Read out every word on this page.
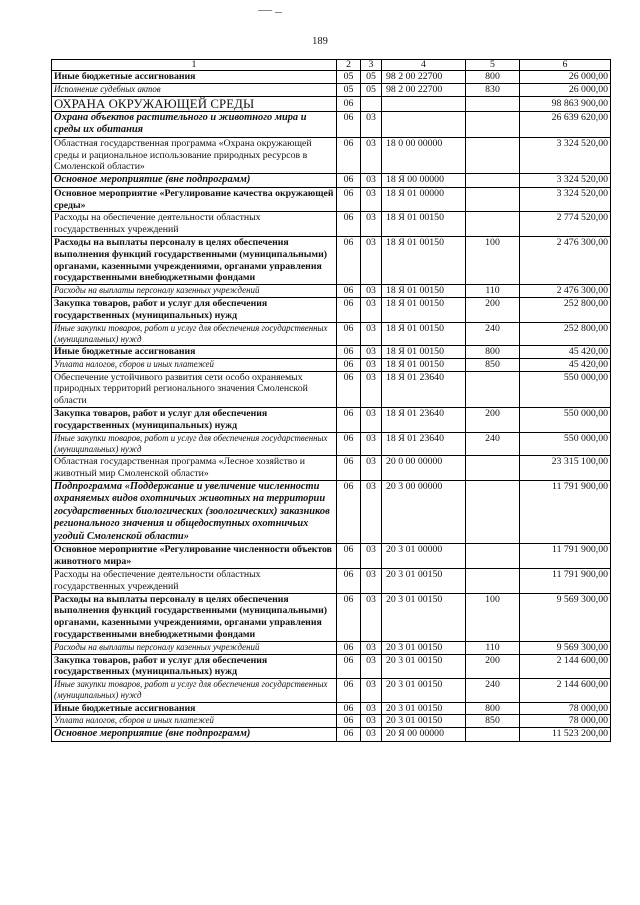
189
1	2	3	4	5	6
Иные бюджетные ассигнования	05	05	98 2 00 22700	800	26 000,00
Исполнение судебных актов	05	05	98 2 00 22700	830	26 000,00
ОХРАНА ОКРУЖАЮЩЕЙ СРЕДЫ	06				98 863 900,00
Охрана объектов растительного и животного мира и среды их обитания	06	03			26 639 620,00
Областная государственная программа «Охрана окружающей среды и рациональное использование природных ресурсов в Смоленской области»	06	03	18 0 00 00000		3 324 520,00
Основное мероприятие (вне подпрограмм)	06	03	18 Я 00 00000		3 324 520,00
Основное мероприятие «Регулирование качества окружающей среды»	06	03	18 Я 01 00000		3 324 520,00
Расходы на обеспечение деятельности областных государственных учреждений	06	03	18 Я 01 00150		2 774 520,00
Расходы на выплаты персоналу в целях обеспечения выполнения функций государственными (муниципальными) органами, казенными учреждениями, органами управления государственными внебюджетными фондами	06	03	18 Я 01 00150	100	2 476 300,00
Расходы на выплаты персоналу казенных учреждений	06	03	18 Я 01 00150	110	2 476 300,00
Закупка товаров, работ и услуг для обеспечения государственных (муниципальных) нужд	06	03	18 Я 01 00150	200	252 800,00
Иные закупки товаров, работ и услуг для обеспечения государственных (муниципальных) нужд	06	03	18 Я 01 00150	240	252 800,00
Иные бюджетные ассигнования	06	03	18 Я 01 00150	800	45 420,00
Уплата налогов, сборов и иных платежей	06	03	18 Я 01 00150	850	45 420,00
Обеспечение устойчивого развития сети особо охраняемых природных территорий регионального значения Смоленской области	06	03	18 Я 01 23640		550 000,00
Закупка товаров, работ и услуг для обеспечения государственных (муниципальных) нужд	06	03	18 Я 01 23640	200	550 000,00
Иные закупки товаров, работ и услуг для обеспечения государственных (муниципальных) нужд	06	03	18 Я 01 23640	240	550 000,00
Областная государственная программа «Лесное хозяйство и животный мир Смоленской области»	06	03	20 0 00 00000		23 315 100,00
Подпрограмма «Поддержание и увеличение численности охраняемых видов охотничьих животных на территории государственных биологических (зоологических) заказников регионального значения и общедоступных охотничьих угодий Смоленской области»	06	03	20 3 00 00000		11 791 900,00
Основное мероприятие «Регулирование численности объектов животного мира»	06	03	20 3 01 00000		11 791 900,00
Расходы на обеспечение деятельности областных государственных учреждений	06	03	20 3 01 00150		11 791 900,00
Расходы на выплаты персоналу в целях обеспечения выполнения функций государственными (муниципальными) органами, казенными учреждениями, органами управления государственными внебюджетными фондами	06	03	20 3 01 00150	100	9 569 300,00
Расходы на выплаты персоналу казенных учреждений	06	03	20 3 01 00150	110	9 569 300,00
Закупка товаров, работ и услуг для обеспечения государственных (муниципальных) нужд	06	03	20 3 01 00150	200	2 144 600,00
Иные закупки товаров, работ и услуг для обеспечения государственных (муниципальных) нужд	06	03	20 3 01 00150	240	2 144 600,00
Иные бюджетные ассигнования	06	03	20 3 01 00150	800	78 000,00
Уплата налогов, сборов и иных платежей	06	03	20 3 01 00150	850	78 000,00
Основное мероприятие (вне подпрограмм)	06	03	20 Я 00 00000		11 523 200,00
